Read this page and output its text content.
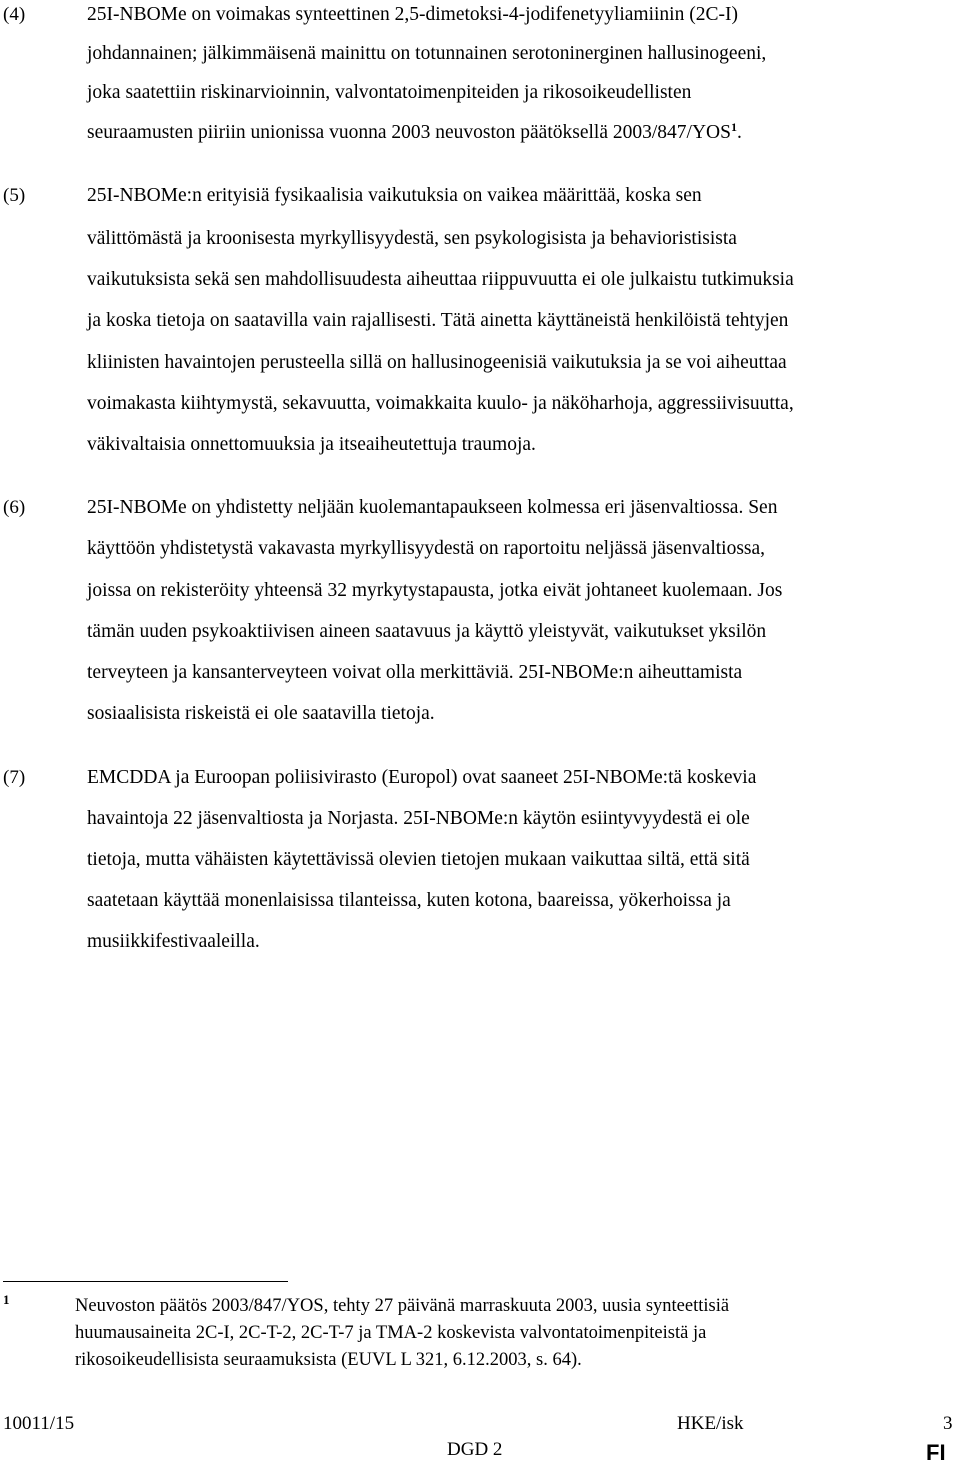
(4)	25I-NBOMe on voimakas synteettinen 2,5-dimetoksi-4-jodifenetyyliamiinin (2C-I)
johdannainen; jälkimmäisenä mainittu on totunnainen serotoninerginen hallusinogeeni,
joka saatettiin riskinarvioinnin, valvontatoimenpiteiden ja rikosoikeudellisten
seuraamusten piiriin unionissa vuonna 2003 neuvoston päätöksellä 2003/847/YOS$^1$.
(5)	25I-NBOMe:n erityisiä fysikaalisia vaikutuksia on vaikea määrittää, koska sen
välittömästä ja kroonisesta myrkyllisyydestä, sen psykologisista ja behavioristisista
vaikutuksista sekä sen mahdollisuudesta aiheuttaa riippuvuutta ei ole julkaistu tutkimuksia
ja koska tietoja on saatavilla vain rajallisesti. Tätä ainetta käyttäneistä henkilöistä tehtyjen
kliinisten havaintojen perusteella sillä on hallusinogeenisiä vaikutuksia ja se voi aiheuttaa
voimakasta kiihtymystä, sekavuutta, voimakkaita kuulo- ja näköharhoja, aggressiivisuutta,
väkivaltaisia onnettomuuksia ja itseaiheutettuja traumoja.
(6)	25I-NBOMe on yhdistetty neljään kuolemantapaukseen kolmessa eri jäsenvaltiossa. Sen
käyttöön yhdistetystä vakavasta myrkyllisyydestä on raportoitu neljässä jäsenvaltiossa,
joissa on rekisteröity yhteensä 32 myrkytystapausta, jotka eivät johtaneet kuolemaan. Jos
tämän uuden psykoaktiivisen aineen saatavuus ja käyttö yleistyvät, vaikutukset yksilön
terveyteen ja kansanterveyteen voivat olla merkittäviä. 25I-NBOMe:n aiheuttamista
sosiaalisista riskeistä ei ole saatavilla tietoja.
(7)	EMCDDA ja Euroopan poliisivirasto (Europol) ovat saaneet 25I-NBOMe:tä koskevia
havaintoja 22 jäsenvaltiosta ja Norjasta. 25I-NBOMe:n käytön esiintyvyydestä ei ole
tietoja, mutta vähäisten käytettävissä olevien tietojen mukaan vaikuttaa siltä, että sitä
saatetaan käyttää monenlaisissa tilanteissa, kuten kotona, baareissa, yökerhoissa ja
musiikkifestivaaleilla.
1	Neuvoston päätös 2003/847/YOS, tehty 27 päivänä marraskuuta 2003, uusia synteettisiä
huumausaineita 2C-I, 2C-T-2, 2C-T-7 ja TMA-2 koskevista valvontatoimenpiteistä ja
rikosoikeudellisista seuraamuksista (EUVL L 321, 6.12.2003, s. 64).
10011/15	HKE/isk	3
DGD 2	FI
